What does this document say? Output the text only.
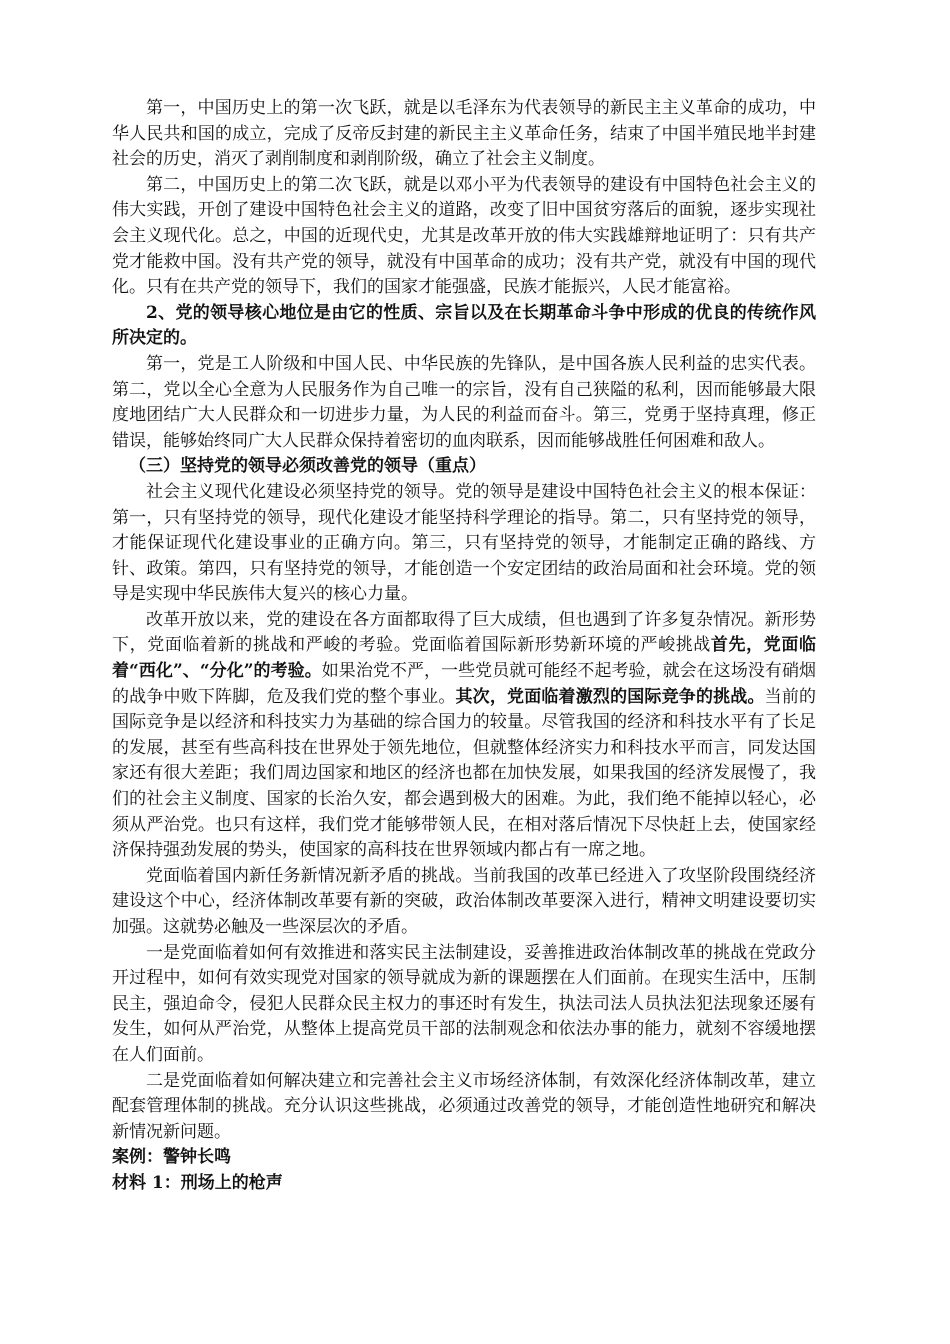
第一，中国历史上的第一次飞跃，就是以毛泽东为代表领导的新民主主义革命的成功，中华人民共和国的成立，完成了反帝反封建的新民主主义革命任务，结束了中国半殖民地半封建社会的历史，消灭了剥削制度和剥削阶级，确立了社会主义制度。

第二，中国历史上的第二次飞跃，就是以邓小平为代表领导的建设有中国特色社会主义的伟大实践，开创了建设中国特色社会主义的道路，改变了旧中国贫穷落后的面貌，逐步实现社会主义现代化。总之，中国的近现代史，尤其是改革开放的伟大实践雄辩地证明了：只有共产党才能救中国。没有共产党的领导，就没有中国革命的成功；没有共产党，就没有中国的现代化。只有在共产党的领导下，我们的国家才能强盛，民族才能振兴，人民才能富裕。

2、党的领导核心地位是由它的性质、宗旨以及在长期革命斗争中形成的优良的传统作风所决定的。

第一，党是工人阶级和中国人民、中华民族的先锋队，是中国各族人民利益的忠实代表。第二，党以全心全意为人民服务作为自己唯一的宗旨，没有自己狭隘的私利，因而能够最大限度地团结广大人民群众和一切进步力量，为人民的利益而奋斗。第三，党勇于坚持真理，修正错误，能够始终同广大人民群众保持着密切的血肉联系，因而能够战胜任何困难和敌人。

（三）坚持党的领导必须改善党的领导（重点）

社会主义现代化建设必须坚持党的领导。党的领导是建设中国特色社会主义的根本保证：第一，只有坚持党的领导，现代化建设才能坚持科学理论的指导。第二，只有坚持党的领导，才能保证现代化建设事业的正确方向。第三，只有坚持党的领导，才能制定正确的路线、方针、政策。第四，只有坚持党的领导，才能创造一个安定团结的政治局面和社会环境。党的领导是实现中华民族伟大复兴的核心力量。

改革开放以来，党的建设在各方面都取得了巨大成绩，但也遇到了许多复杂情况。新形势下，党面临着新的挑战和严峻的考验。党面临着国际新形势新环境的严峻挑战首先，党面临着“西化”、“分化”的考验。如果治党不严，一些党员就可能经不起考验，就会在这场没有硝烟的战争中败下阵脚，危及我们党的整个事业。其次，党面临着激烈的国际竞争的挑战。当前的国际竞争是以经济和科技实力为基础的综合国力的较量。尽管我国的经济和科技水平有了长足的发展，甚至有些高科技在世界处于领先地位，但就整体经济实力和科技水平而言，同发达国家还有很大差距；我们周边国家和地区的经济也都在加快发展，如果我国的经济发展慢了，我们的社会主义制度、国家的长治久安，都会遇到极大的困难。为此，我们绝不能掉以轻心，必须从严治党。也只有这样，我们党才能够带领人民，在相对落后情况下尽快赶上去，使国家经济保持强劲发展的势头，使国家的高科技在世界领域内都占有一席之地。

党面临着国内新任务新情况新矛盾的挑战。当前我国的改革已经进入了攻坚阶段围绕经济建设这个中心，经济体制改革要有新的突破，政治体制改革要深入进行，精神文明建设要切实加强。这就势必触及一些深层次的矛盾。

一是党面临着如何有效推进和落实民主法制建设，妥善推进政治体制改革的挑战在党政分开过程中，如何有效实现党对国家的领导就成为新的课题摆在人们面前。在现实生活中，压制民主，强迫命令，侵犯人民群众民主权力的事还时有发生，执法司法人员执法犯法现象还屡有发生，如何从严治党，从整体上提高党员干部的法制观念和依法办事的能力，就刻不容缓地摆在人们面前。

二是党面临着如何解决建立和完善社会主义市场经济体制，有效深化经济体制改革，建立配套管理体制的挑战。充分认识这些挑战，必须通过改善党的领导，才能创造性地研究和解决新情况新问题。

案例：警钟长鸣

材料 1：刑场上的枪声
